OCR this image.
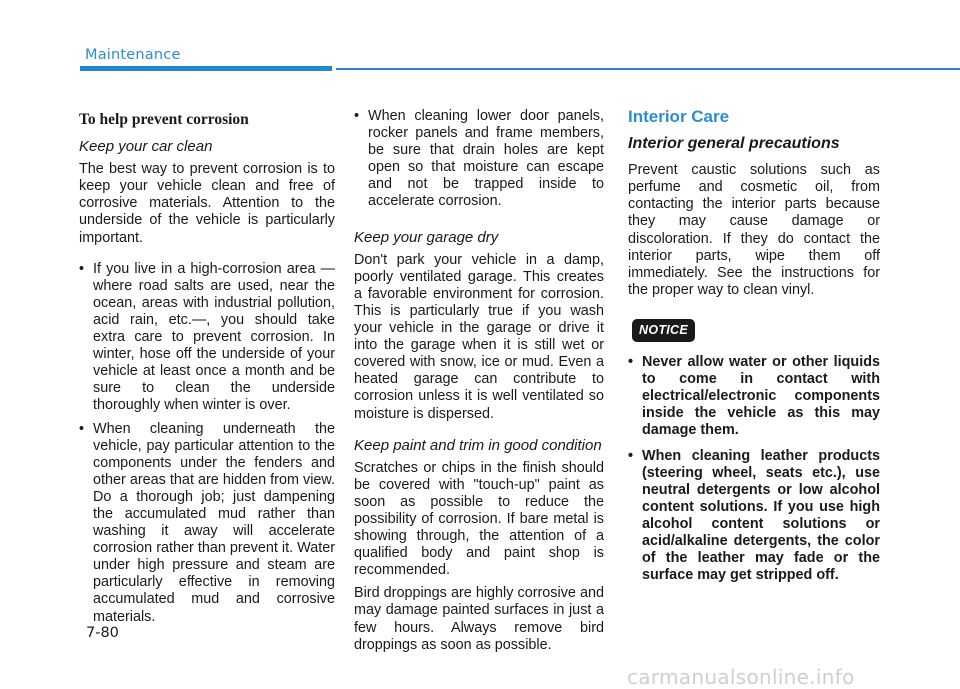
Maintenance
To help prevent corrosion
Keep your car clean

The best way to prevent corrosion is to keep your vehicle clean and free of corrosive materials. Attention to the underside of the vehicle is particularly important.

• If you live in a high-corrosion area — where road salts are used, near the ocean, areas with industrial pollution, acid rain, etc.—, you should take extra care to prevent corrosion. In winter, hose off the underside of your vehicle at least once a month and be sure to clean the underside thoroughly when winter is over.
• When cleaning underneath the vehicle, pay particular attention to the components under the fenders and other areas that are hidden from view. Do a thorough job; just dampening the accumulated mud rather than washing it away will accelerate corrosion rather than prevent it. Water under high pressure and steam are particularly effective in removing accumulated mud and corrosive materials.
• When cleaning lower door panels, rocker panels and frame members, be sure that drain holes are kept open so that moisture can escape and not be trapped inside to accelerate corrosion.
Keep your garage dry

Don't park your vehicle in a damp, poorly ventilated garage. This creates a favorable environment for corrosion. This is particularly true if you wash your vehicle in the garage or drive it into the garage when it is still wet or covered with snow, ice or mud. Even a heated garage can contribute to corrosion unless it is well ventilated so moisture is dispersed.

Keep paint and trim in good condition

Scratches or chips in the finish should be covered with "touch-up" paint as soon as possible to reduce the possibility of corrosion. If bare metal is showing through, the attention of a qualified body and paint shop is recommended.

Bird droppings are highly corrosive and may damage painted surfaces in just a few hours. Always remove bird droppings as soon as possible.

Interior Care
Interior general precautions

Prevent caustic solutions such as perfume and cosmetic oil, from contacting the interior parts because they may cause damage or discoloration. If they do contact the interior parts, wipe them off immediately. See the instructions for the proper way to clean vinyl.

NOTICE
• Never allow water or other liquids to come in contact with electrical/electronic components inside the vehicle as this may damage them.
• When cleaning leather products (steering wheel, seats etc.), use neutral detergents or low alcohol content solutions. If you use high alcohol content solutions or acid/alkaline detergents, the color of the leather may fade or the surface may get stripped off.
7-80
carmanualsonline.info
